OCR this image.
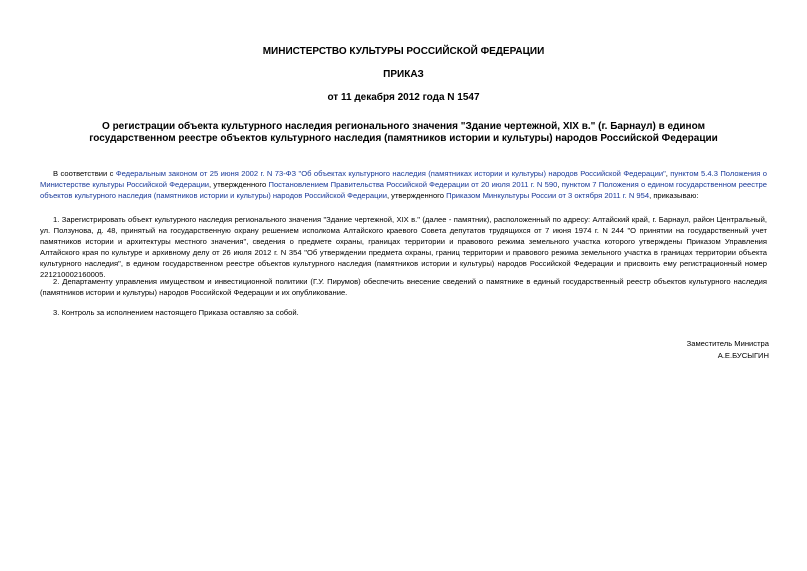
МИНИСТЕРСТВО КУЛЬТУРЫ РОССИЙСКОЙ ФЕДЕРАЦИИ
ПРИКАЗ
от 11 декабря 2012 года N 1547
О регистрации объекта культурного наследия регионального значения "Здание чертежной, XIX в." (г. Барнаул) в едином государственном реестре объектов культурного наследия (памятников истории и культуры) народов Российской Федерации

В соответствии с Федеральным законом от 25 июня 2002 г. N 73-ФЗ "Об объектах культурного наследия (памятниках истории и культуры) народов Российской Федерации", пунктом 5.4.3 Положения о Министерстве культуры Российской Федерации, утвержденного Постановлением Правительства Российской Федерации от 20 июля 2011 г. N 590, пунктом 7 Положения о едином государственном реестре объектов культурного наследия (памятников истории и культуры) народов Российской Федерации, утвержденного Приказом Минкультуры России от 3 октября 2011 г. N 954, приказываю:

1. Зарегистрировать объект культурного наследия регионального значения "Здание чертежной, XIX в." (далее - памятник), расположенный по адресу: Алтайский край, г. Барнаул, район Центральный, ул. Ползунова, д. 48, принятый на государственную охрану решением исполкома Алтайского краевого Совета депутатов трудящихся от 7 июня 1974 г. N 244 "О принятии на государственный учет памятников истории и архитектуры местного значения", сведения о предмете охраны, границах территории и правового режима земельного участка которого утверждены Приказом Управления Алтайского края по культуре и архивному делу от 26 июля 2012 г. N 354 "Об утверждении предмета охраны, границ территории и правового режима земельного участка в границах территории объекта культурного наследия", в едином государственном реестре объектов культурного наследия (памятников истории и культуры) народов Российской Федерации и присвоить ему регистрационный номер 221210002160005.

2. Департаменту управления имуществом и инвестиционной политики (Г.У. Пирумов) обеспечить внесение сведений о памятнике в единый государственный реестр объектов культурного наследия (памятников истории и культуры) народов Российской Федерации и их опубликование.

3. Контроль за исполнением настоящего Приказа оставляю за собой.

Заместитель Министра
А.Е.БУСЫГИН
